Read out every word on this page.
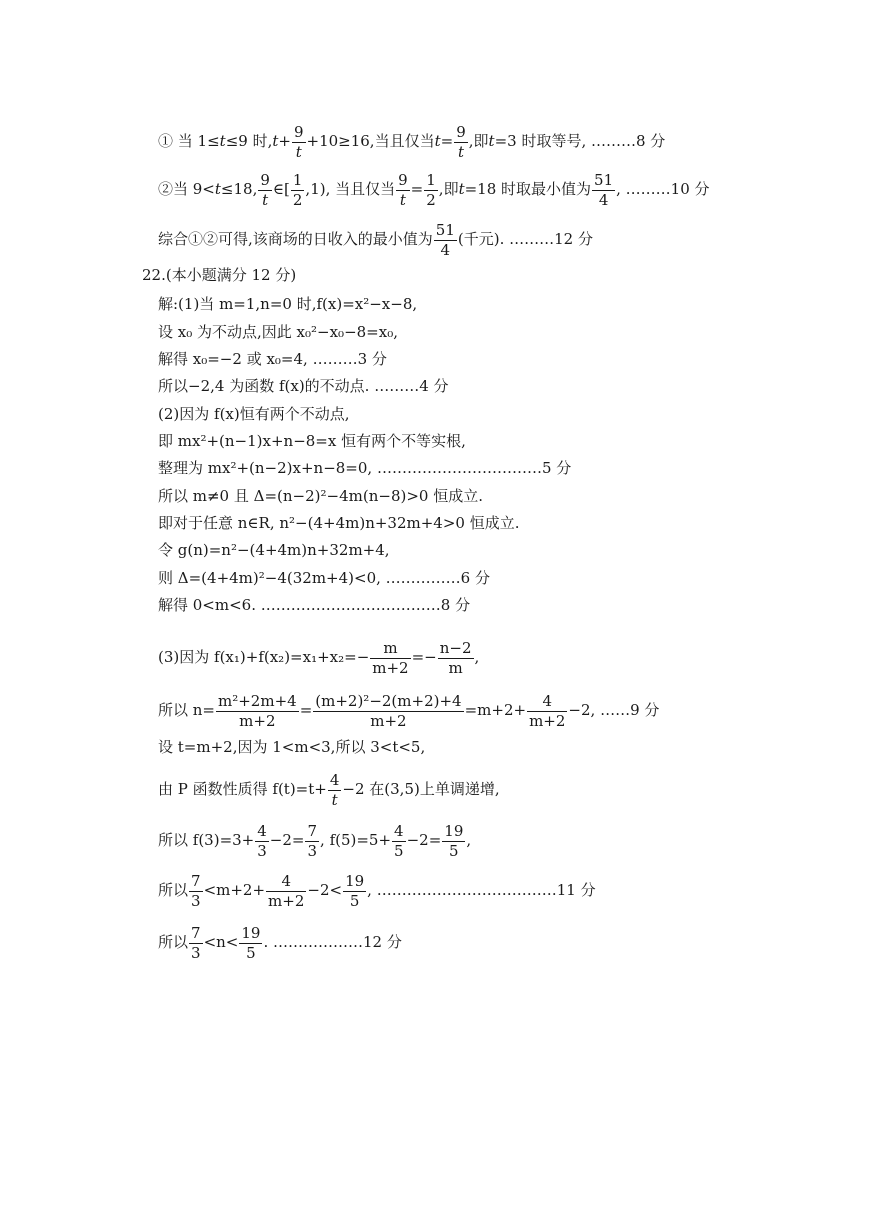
① 当 1≤t≤9 时$,t+ \frac{9}{t} +10\ge 16$,当且仅当$t= \frac{9}{t}$ ,即t=3 时取等号, ………8 分
②当 9<t≤18, $\frac{9}{t}$ ∈[ $\frac{1}{2} ,1$), 当且仅当 $\frac{9}{t} = \frac{1}{2}$ ,即t=18 时取最小值为 $\frac{51}{4}$ , ………10 分
综合①②可得,该商场的日收入的最小值为 $\frac{51}{4}$ (千元). ………12 分
22.(本小题满分 12 分)
解:(1)当 m=1,n=0 时,f(x)=x²−x−8,
设 x₀ 为不动点,因此 x₀²−x₀−8=x₀,
解得 x₀=−2 或 x₀=4, ………3 分
所以−2,4 为函数 f(x)的不动点. ………4 分
(2)因为 f(x)恒有两个不动点,
即 mx²+(n−1)x+n−8=x 恒有两个不等实根,
整理为 mx²+(n−2)x+n−8=0, ……………………………5 分
所以 m≠0 且 Δ=(n−2)²−4m(n−8)>0 恒成立.
即对于任意 n∈R, n²−(4+4m)n+32m+4>0 恒成立.
令 g(n)=n²−(4+4m)n+32m+4,
则 Δ=(4+4m)²−4(32m+4)<0, ……………6 分
解得 0<m<6. ………………………………8 分
(3)因为 $f(x_1)+f(x_2)=x_1+x_2=- \frac{m}{m+2} =- \frac{n-2}{m}$ ,
所以 $n= \frac{\text{m²+2m+4}}{m+2} = \frac{\text{(m+2)²−2(m+2)+4}}{m+2} =m+2+ \frac{4}{m+2} -2$, ……9 分
设 t=m+2,因为 1<m<3,所以 3<t<5,
由 P 函数性质得 $f(t)=t+ \frac{4}{t} -2$ 在(3,5)上单调递增,
所以 $f(3)=3+ \frac{4}{3} -2= \frac{7}{3}$ , $f(5)=5+ \frac{4}{5} -2= \frac{19}{5}$ ,
所以 $\frac{7}{3} <m+2+ \frac{4}{m+2} -2< \frac{19}{5}$ , ………………………………11 分
所以 $\frac{7}{3} <n< \frac{19}{5}$ . ………………12 分
